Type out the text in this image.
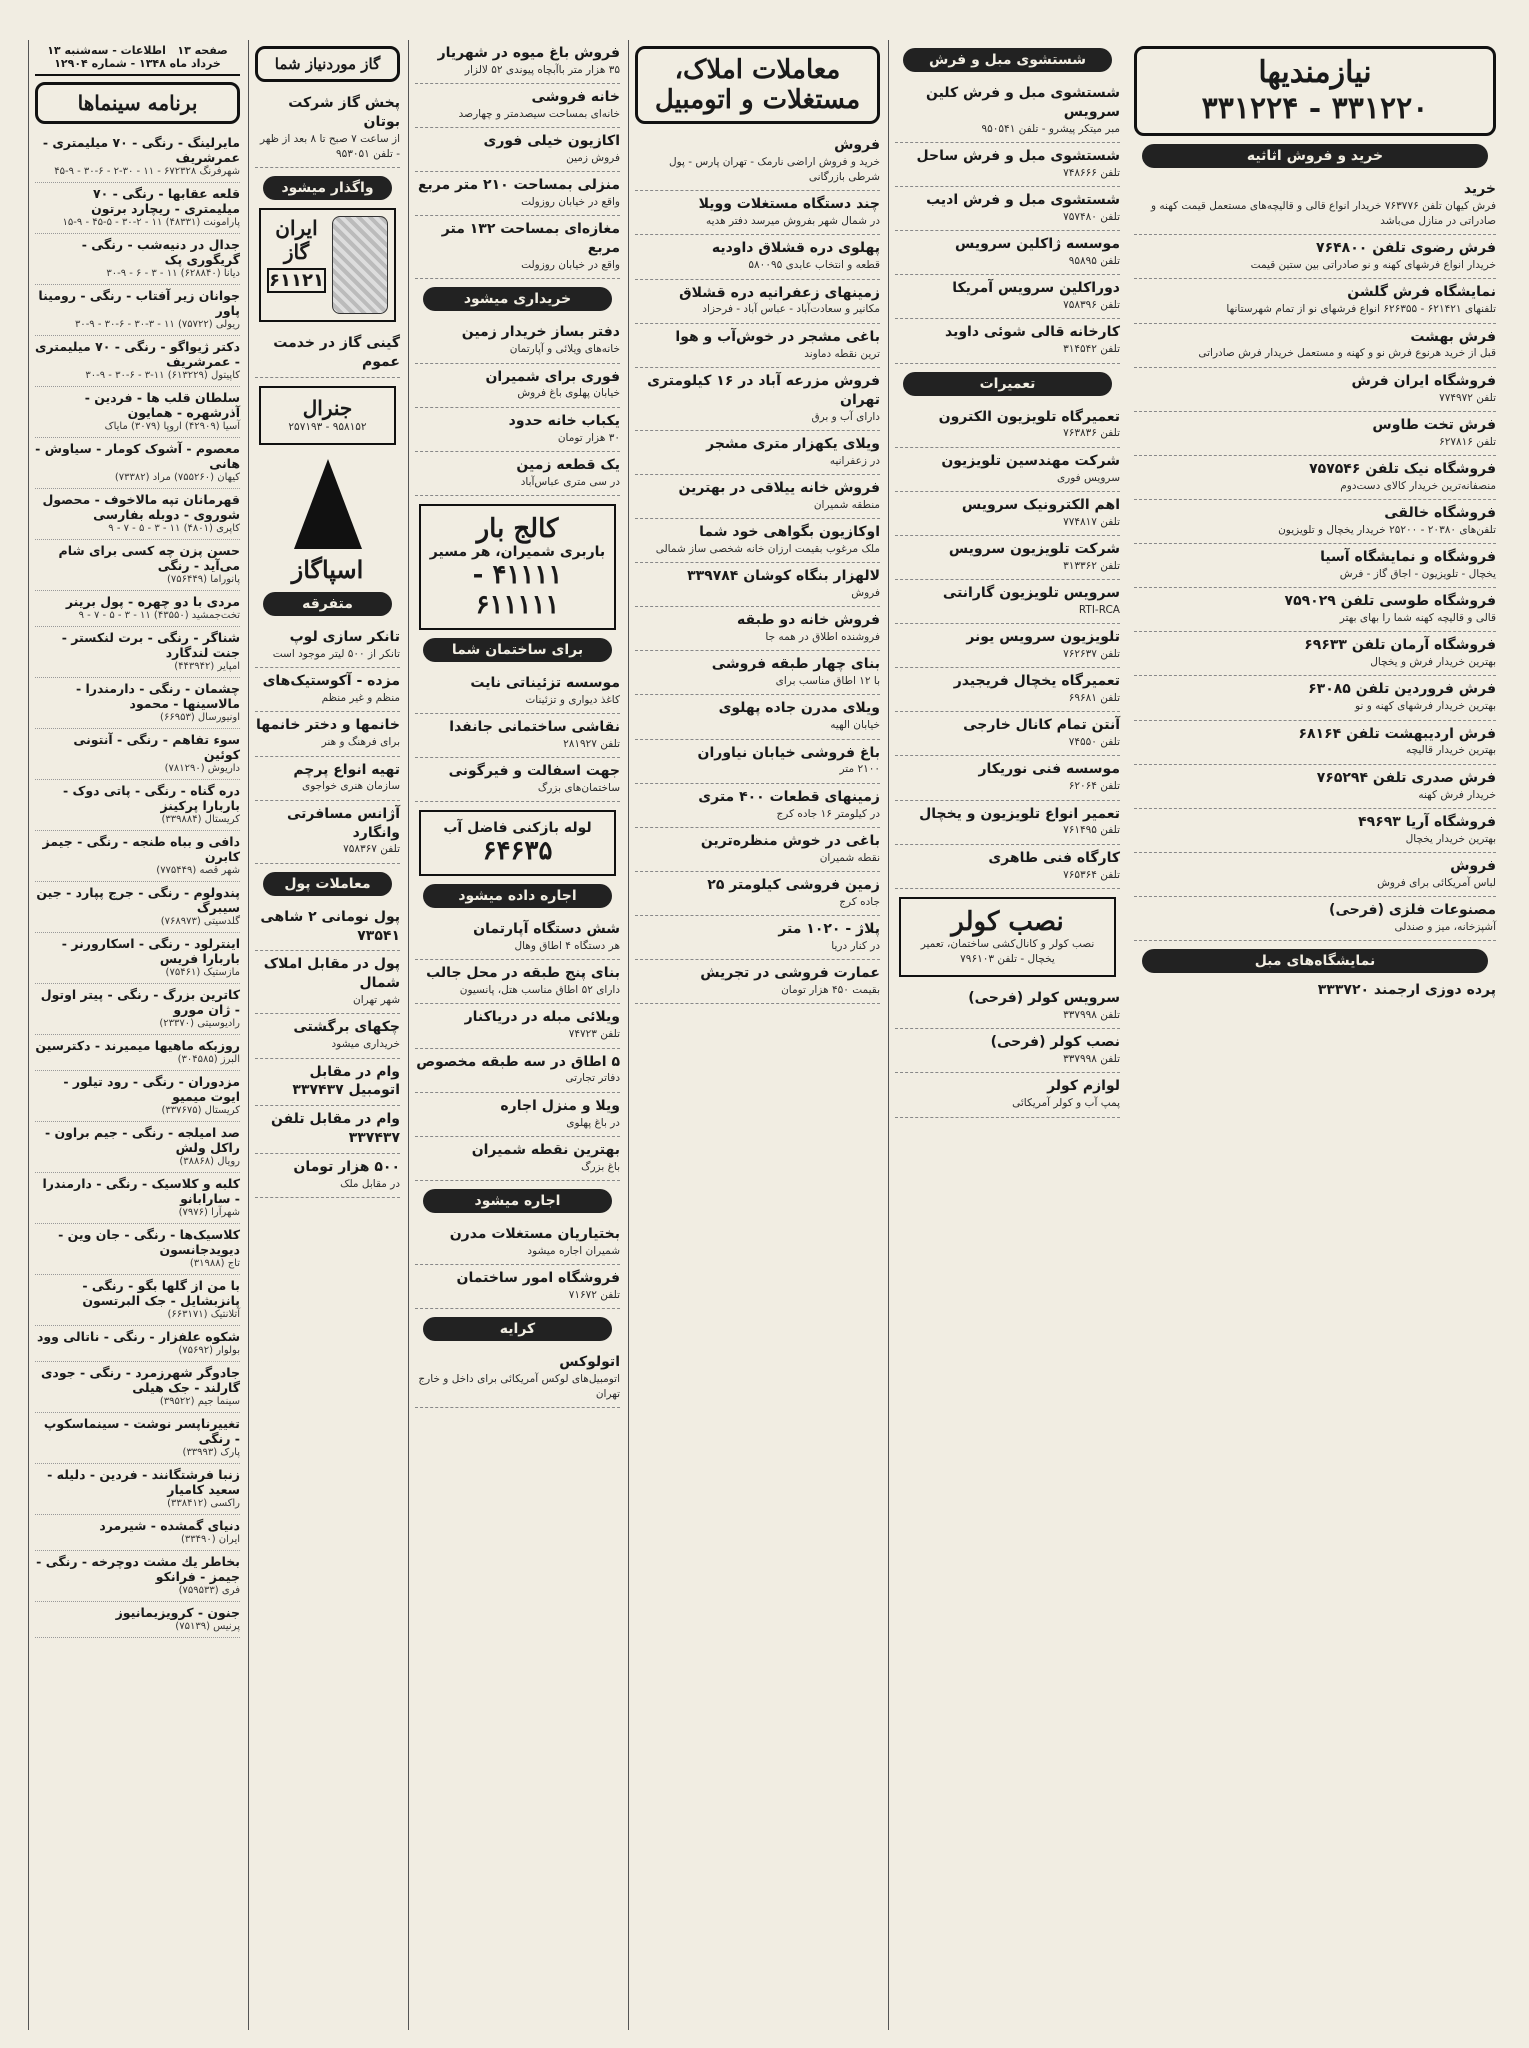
نیازمندیها
۳۳۱۲۲۰ - ۳۳۱۲۲۴
خرید و فروش اثاثیه
خرید
فرش کیهان تلفن ۷۶۳۷۷۶ خریدار انواع قالی و قالیچه‌های مستعمل قیمت کهنه و صادراتی در منازل می‌باشد
فرش رضوی تلفن ۷۶۴۸۰۰
خریدار انواع فرشهای کهنه و نو صادراتی بین ستین قیمت
نمایشگاه فرش گلشن
تلفنهای ۶۲۱۴۲۱ - ۶۲۶۳۵۵ انواع فرشهای نو از تمام شهرستانها
فرش بهشت
قبل از خرید هرنوع فرش نو و کهنه و مستعمل خریدار فرش صادراتی
فروشگاه ایران فرش
تلفن ۷۷۴۹۷۲
فرش تخت طاوس
تلفن ۶۲۷۸۱۶
فروشگاه نیک تلفن ۷۵۷۵۴۶
منصفانه‌ترین خریدار کالای دست‌دوم
فروشگاه خالقی
تلفن‌های ۲۰۳۸۰ - ۲۵۲۰۰ خریدار یخچال و تلویزیون
فروشگاه و نمایشگاه آسیا
یخچال - تلویزیون - اجاق گاز - فرش
فروشگاه طوسی تلفن ۷۵۹۰۲۹
قالی و قالیچه کهنه شما را بهای بهتر
فروشگاه آرمان تلفن ۶۹۶۳۳
بهترین خریدار فرش و یخچال
فرش فروردین تلفن ۶۳۰۸۵
بهترین خریدار فرشهای کهنه و نو
فرش اردیبهشت تلفن ۶۸۱۶۴
بهترین خریدار قالیچه
فرش صدری تلفن ۷۶۵۲۹۴
خریدار فرش کهنه
فروشگاه آریا ۴۹۶۹۳
بهترین خریدار یخچال
فروش
لباس آمریکائی برای فروش
مصنوعات فلزی (فرحی)
آشپزخانه، میز و صندلی
نمایشگاه‌های مبل
پرده دوزی ارجمند ۳۳۳۷۲۰
شستشوی مبل و فرش
شستشوی مبل و فرش کلین سرویس
مبر میتکر پیشرو - تلفن ۹۵۰۵۴۱
شستشوی مبل و فرش ساحل
تلفن ۷۴۸۶۶۶
شستشوی مبل و فرش ادیب
تلفن ۷۵۷۴۸۰
موسسه ژاکلین سرویس
تلفن ۹۵۸۹۵
دوراکلین سرویس آمریکا
تلفن ۷۵۸۳۹۶
کارخانه قالی شوئی داوید
تلفن ۳۱۴۵۴۲
تعمیرات
تعمیرگاه تلویزیون الکترون
تلفن ۷۶۳۸۳۶
شرکت مهندسین تلویزیون
سرویس فوری
اهم الکترونیک سرویس
تلفن ۷۷۴۸۱۷
شرکت تلویزیون سرویس
تلفن ۳۱۳۳۶۲
سرویس تلویزیون گارانتی
RTI-RCA
تلویزیون سرویس یونر
تلفن ۷۶۲۶۳۷
تعمیرگاه یخچال فریجیدر
تلفن ۶۹۶۸۱
آنتن تمام کانال خارجی
تلفن ۷۴۵۵۰
موسسه فنی نوریکار
تلفن ۶۲۰۶۴
تعمیر انواع تلویزیون و یخچال
تلفن ۷۶۱۴۹۵
کارگاه فنی طاهری
تلفن ۷۶۵۳۶۴
نصب کولر
نصب کولر و کانال‌کشی ساختمان، تعمیر یخچال - تلفن ۷۹۶۱۰۳
سرویس کولر (فرحی)
تلفن ۳۳۷۹۹۸
نصب کولر (فرحی)
تلفن ۳۳۷۹۹۸
لوازم کولر
پمپ آب و کولر آمریکائی
معاملات املاک، مستغلات و اتومبیل
فروش
خرید و فروش اراضی نارمک - تهران پارس - پول شرطی بازرگانی
چند دستگاه مستغلات وویلا
در شمال شهر بفروش میرسد دفتر هدیه
پهلوی دره قشلاق داودیه
قطعه و انتخاب عابدی ۵۸۰۰۹۵
زمینهای زعفرانیه دره قشلاق
مکانیر و سعادت‌آباد - عباس آباد - فرحزاد
باغی مشجر در خوش‌آب و هوا
ترین نقطه دماوند
فروش مزرعه آباد در ۱۶ کیلومتری تهران
دارای آب و برق
ویلای یکهزار متری مشجر
در زعفرانیه
فروش خانه ییلاقی در بهترین
منطقه شمیران
اوکازیون بگواهی خود شما
ملک مرغوب بقیمت ارزان خانه شخصی ساز شمالی
لالهزار بنگاه کوشان ۳۳۹۷۸۴
فروش
فروش خانه دو طبقه
فروشنده اطلاق در همه جا
بنای چهار طبقه فروشی
با ۱۲ اطاق مناسب برای
ویلای مدرن جاده پهلوی
خیابان الهیه
باغ فروشی خیابان نیاوران
۲۱۰۰ متر
زمینهای قطعات ۴۰۰ متری
در کیلومتر ۱۶ جاده کرج
باغی در خوش منظره‌ترین
نقطه شمیران
زمین فروشی کیلومتر ۲۵
جاده کرج
پلاژ - ۱۰۲۰ متر
در کنار دریا
عمارت فروشی در تجریش
بقیمت ۴۵۰ هزار تومان
فروش باغ میوه در شهریار
۳۵ هزار متر باآبچاه پیوندی ۵۲ لالزار
خانه فروشی
خانه‌ای بمساحت سیصدمتر و چهارصد
اکازیون خیلی فوری
فروش زمین
منزلی بمساحت ۲۱۰ متر مربع
واقع در خیابان روزولت
مغازه‌ای بمساحت ۱۳۲ متر مربع
واقع در خیابان روزولت
خریداری میشود
دفتر بساز خریدار زمین
خانه‌های ویلائی و آپارتمان
فوری برای شمیران
خیابان پهلوی باغ فروش
یکباب خانه حدود
۳۰ هزار تومان
یک قطعه زمین
در سی متری عباس‌آباد
کالج بار
باربری شمیران، هر مسیر
۴۱۱۱۱ - ۶۱۱۱۱۱
برای ساختمان شما
موسسه تزئیناتی نایت
کاغذ دیواری و تزئینات
نقاشی ساختمانی جانفدا
تلفن ۲۸۱۹۲۷
جهت اسفالت و فیرگونی
ساختمان‌های بزرگ
لوله بازکنی فاضل آب
۶۴۶۳۵
اجاره داده میشود
شش دستگاه آپارتمان
هر دستگاه ۴ اطاق وهال
بنای پنج طبقه در محل جالب
دارای ۵۲ اطاق مناسب هتل، پانسیون
ویلائی مبله در دریاکنار
تلفن ۷۴۷۲۳
۵ اطاق در سه طبقه مخصوص
دفاتر تجارتی
ویلا و منزل اجاره
در باغ پهلوی
بهترین نقطه شمیران
باغ بزرگ
اجاره میشود
بختیاریان مستغلات مدرن
شمیران اجاره میشود
فروشگاه امور ساختمان
تلفن ۷۱۶۷۲
کرایه
اتولوکس
اتومبیل‌های لوکس آمریکائی برای داخل و خارج تهران
گاز موردنیاز شما
پخش گاز شرکت بوتان
از ساعت ۷ صبح تا ۸ بعد از ظهر - تلفن ۹۵۳۰۵۱
واگذار میشود
ایران گاز
۶۱۱۲۱
گینی گاز در خدمت عموم
جنرال
۹۵۸۱۵۲ - ۲۵۷۱۹۳
اسپاگاز
متفرقه
تانکر سازی لوپ
تانکر از ۵۰۰ لیتر موجود است
مزده - آکوستیک‌های
منظم و غیر منظم
خانمها و دختر خانمها
برای فرهنگ و هنر
تهیه انواع پرچم
سازمان هنری خواجوی
آژانس مسافرتی وانگارد
تلفن ۷۵۸۳۶۷
معاملات پول
پول نومانی ۲ شاهی ۷۳۵۴۱
پول در مقابل املاک شمال
شهر تهران
چکهای برگشتی
خریداری میشود
وام در مقابل اتومبیل ۳۳۷۴۳۷
وام در مقابل تلفن ۳۳۷۴۳۷
۵۰۰ هزار تومان
در مقابل ملک
صفحه ۱۳   اطلاعات - سه‌شنبه ۱۳ خرداد ماه ۱۳۴۸ - شماره ۱۲۹۰۴
برنامه سینماها
مایرلینگ - رنگی - ۷۰ میلیمتری - عمرشریف
شهرفرنگ ۶۷۲۳۲۸ - ۱۱ - ۳۰-۲ - ۶-۳۰ - ۹-۴۵
قلعه عقابها - رنگی - ۷۰ میلیمتری - ریچارد برتون
پارامونت (۴۸۳۳۱) ۱۱ - ۲-۳۰ - ۵-۴۵ - ۹-۱۵
جدال در دنیه‌شب - رنگی - گریگوری پک
دیانا (۶۲۸۸۴۰) ۱۱ - ۳ - ۶ - ۹-۳۰
جوانان زیر آفتاب - رنگی - رومینا پاور
ریولی (۷۵۷۲۲) ۱۱ - ۳-۳۰ - ۶-۳۰ - ۹-۳۰
دکتر ژیواگو - رنگی - ۷۰ میلیمتری - عمرشریف
کاپیتول (۶۱۳۲۲۹) ۱۱-۳ - ۶-۳۰ - ۹-۳۰
سلطان قلب ها - فردین - آذرشهره - همایون
آسیا (۴۲۹۰۹) اروپا (۳۰۷۹) مایاک
معصوم - آشوک کومار - سیاوش - هانی
کیهان (۷۵۵۲۶۰) مراد (۷۳۳۸۲)
قهرمانان تپه مالاخوف - محصول شوروی - دوبله بفارسی
کاپری (۴۸۰۱) ۱۱ - ۳ - ۵ - ۷ - ۹
حسن پزن چه کسی برای شام می‌آید - رنگی
پانوراما (۷۵۶۴۴۹)
مردی با دو چهره - پول برینر
تخت‌جمشید (۴۳۵۵۰) ۱۱ - ۳ - ۵ - ۷ - ۹
شناگر - رنگی - برت لنکستر - جنت لندگارد
امپایر (۴۴۳۹۴۲)
چشمان - رنگی - دارمندرا - مالاسینها - محمود
اونیورسال (۶۶۹۵۳)
سوء تفاهم - رنگی - آنتونی کوئین
داریوش (۷۸۱۲۹۰)
دره گناه - رنگی - پاتی دوک - باربارا پرکینز
کریستال (۳۳۹۸۸۴)
دافی و بباه طنجه - رنگی - جیمز کابرن
شهر قصه (۷۷۵۴۴۹)
پندولوم - رنگی - جرج پپارد - جین سیبرگ
گلدسیتی (۷۶۸۹۷۳)
اینترلود - رنگی - اسکارورنر - باربارا فریس
مازستیک (۷۵۴۶۱)
کاترین بزرگ - رنگی - پیتر اوتول - ژان مورو
رادیوسیتی (۲۳۳۷۰)
روزبکه ماهیها میمیرند - دکترسین
البرز (۳۰۴۵۸۵)
مزدوران - رنگی - رود تیلور - ایوت میمیو
کریستال (۳۳۷۶۷۵)
صد امیلجه - رنگی - جیم براون - راکل ولش
رویال (۳۸۸۶۸)
کلبه و کلاسیک - رنگی - دارمندرا - سارابانو
شهرآرا (۷۹۷۶)
کلاسیک‌ها - رنگی - جان وین - دیویدجانسون
تاج (۳۱۹۸۸)
با من از گلها بگو - رنگی - پانزبشایل - جک البرتسون
آتلانتیک (۶۶۳۱۷۱)
شکوه علفزار - رنگی - ناتالی وود
بولوار (۷۵۶۹۲)
جادوگر شهرزمرد - رنگی - جودی گارلند - جک هیلی
سینما جیم (۳۹۵۲۲)
تغییرناپسر نوشت - سینماسکوپ - رنگی
پارک (۳۳۹۹۳)
زنبا فرشتگانند - فردین - دلیله - سعید کامیار
راکسی (۳۳۸۴۱۲)
دنیای گمشده - شیرمرد
ایران (۳۳۴۹۰)
بخاطر یك مشت دوچرخه - رنگی - جیمز - فرانکو
فری (۷۵۹۵۳۳)
جنون - کرویزیمانیوز
پرنیس (۷۵۱۳۹)
